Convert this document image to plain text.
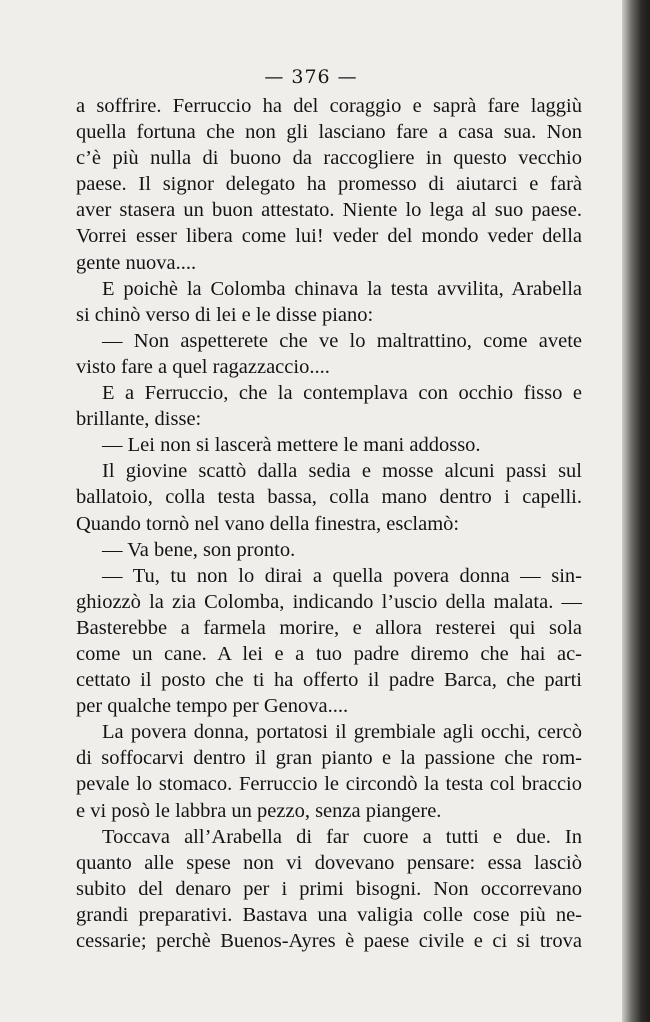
— 376 —
a soffrire. Ferruccio ha del coraggio e saprà fare laggiù
quella fortuna che non gli lasciano fare a casa sua. Non
c’è più nulla di buono da raccogliere in questo vecchio
paese. Il signor delegato ha promesso di aiutarci e farà
aver stasera un buon attestato. Niente lo lega al suo paese.
Vorrei esser libera come lui! veder del mondo veder della
gente nuova....
E poichè la Colomba chinava la testa avvilita, Arabella
si chinò verso di lei e le disse piano:
— Non aspetterete che ve lo maltrattino, come avete
visto fare a quel ragazzaccio....
E a Ferruccio, che la contemplava con occhio fisso e
brillante, disse:
— Lei non si lascerà mettere le mani addosso.
Il giovine scattò dalla sedia e mosse alcuni passi sul
ballatoio, colla testa bassa, colla mano dentro i capelli.
Quando tornò nel vano della finestra, esclamò:
— Va bene, son pronto.
— Tu, tu non lo dirai a quella povera donna — sin-
ghiozzò la zia Colomba, indicando l’uscio della malata. —
Basterebbe a farmela morire, e allora resterei qui sola
come un cane. A lei e a tuo padre diremo che hai ac-
cettato il posto che ti ha offerto il padre Barca, che parti
per qualche tempo per Genova....
La povera donna, portatosi il grembiale agli occhi, cercò
di soffocarvi dentro il gran pianto e la passione che rom-
pevale lo stomaco. Ferruccio le circondò la testa col braccio
e vi posò le labbra un pezzo, senza piangere.
Toccava all’Arabella di far cuore a tutti e due. In
quanto alle spese non vi dovevano pensare: essa lasciò
subito del denaro per i primi bisogni. Non occorrevano
grandi preparativi. Bastava una valigia colle cose più ne-
cessarie; perchè Buenos-Ayres è paese civile e ci si trova
